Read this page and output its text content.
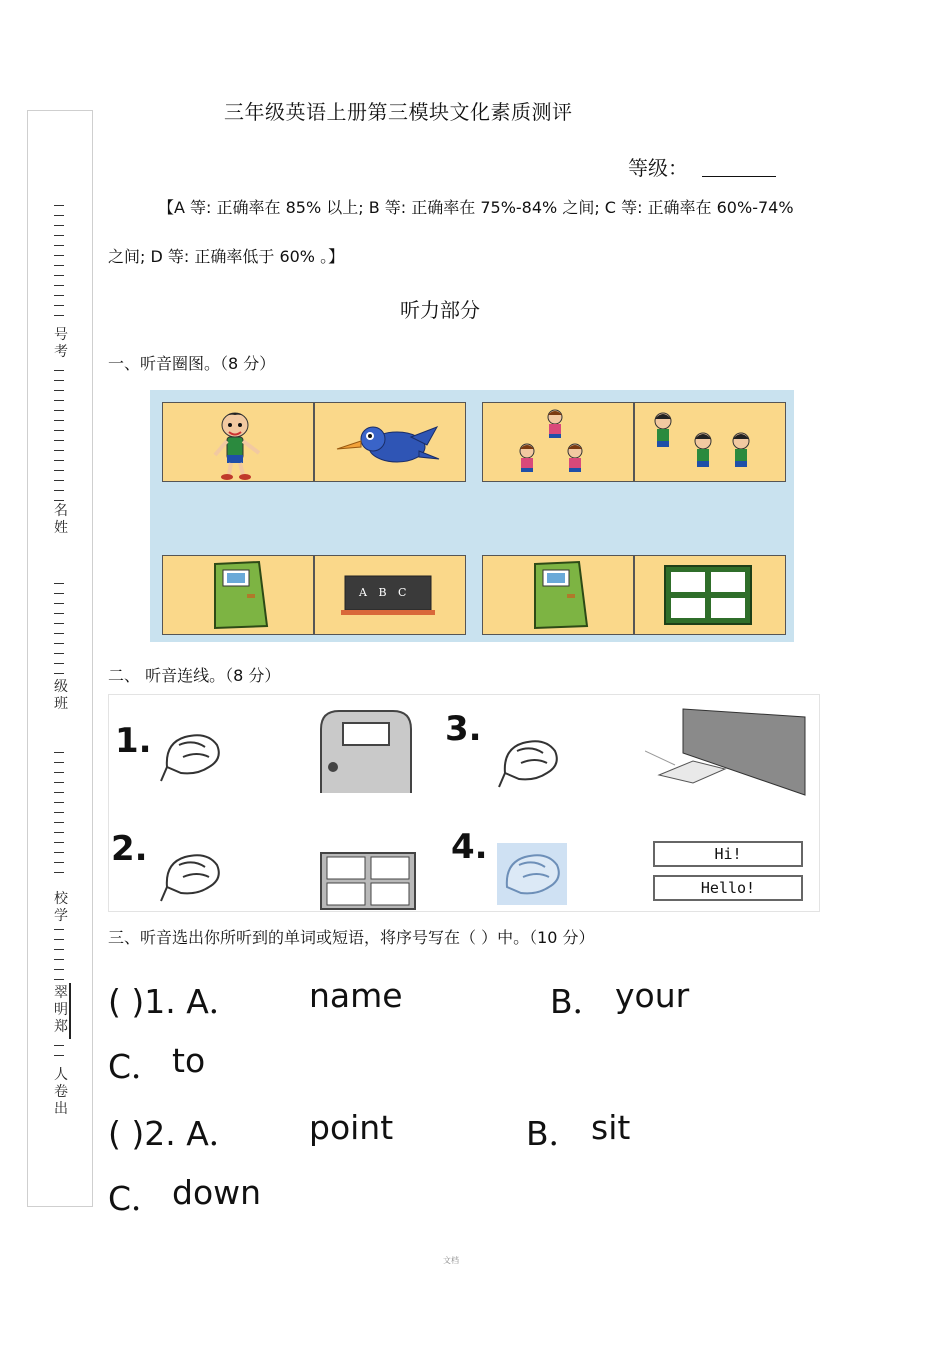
号考
名姓
级班
校学
翠明郑
人卷出
三年级英语上册第三模块文化素质测评
等级：
【A 等: 正确率在 85% 以上; B 等: 正确率在 75%-84% 之间; C 等: 正确率在 60%-74%
之间; D 等: 正确率低于 60% 。】
听力部分
一、听音圈图。（8 分）
A B C
二、 听音连线。（8 分）
1.	3.
2.	4.	Hi!
Hello!
三、听音选出你所听到的单词或短语，将序号写在（ ）中。（10 分）
( )1. A． name	B． your
C． to
( )2. A． point	B． sit
C． down
文档
